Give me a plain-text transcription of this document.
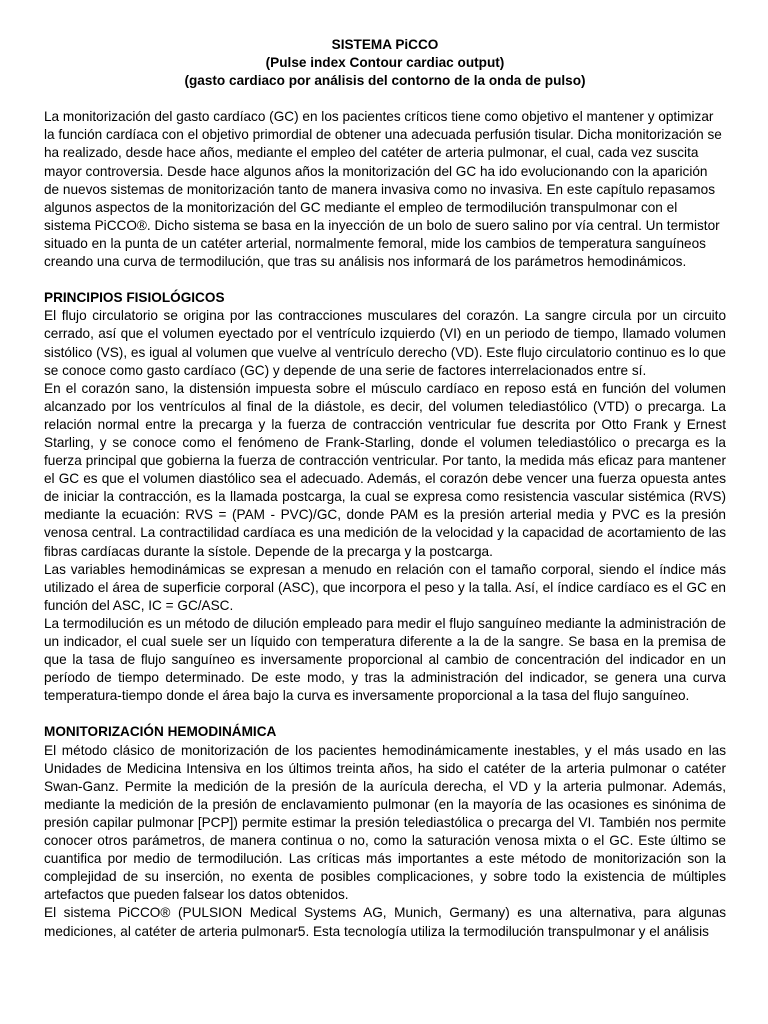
SISTEMA PiCCO
(Pulse index Contour cardiac output)
(gasto cardiaco por análisis del contorno de la onda de pulso)

La monitorización del gasto cardíaco (GC) en los pacientes críticos tiene como objetivo el mantener y optimizar la función cardíaca con el objetivo primordial de obtener una adecuada perfusión tisular. Dicha monitorización se ha realizado, desde hace años, mediante el empleo del catéter de arteria pulmonar, el cual, cada vez suscita mayor controversia. Desde hace algunos años la monitorización del GC ha ido evolucionando con la aparición de nuevos sistemas de monitorización tanto de manera invasiva como no invasiva. En este capítulo repasamos algunos aspectos de la monitorización del GC mediante el empleo de termodilución transpulmonar con el sistema PiCCO®. Dicho sistema se basa en la inyección de un bolo de suero salino por vía central. Un termistor situado en la punta de un catéter arterial, normalmente femoral, mide los cambios de temperatura sanguíneos creando una curva de termodilución, que tras su análisis nos informará de los parámetros hemodinámicos.

PRINCIPIOS FISIOLÓGICOS

El flujo circulatorio se origina por las contracciones musculares del corazón. La sangre circula por un circuito cerrado, así que el volumen eyectado por el ventrículo izquierdo (VI) en un periodo de tiempo, llamado volumen sistólico (VS), es igual al volumen que vuelve al ventrículo derecho (VD). Este flujo circulatorio continuo es lo que se conoce como gasto cardíaco (GC) y depende de una serie de factores interrelacionados entre sí.

En el corazón sano, la distensión impuesta sobre el músculo cardíaco en reposo está en función del volumen alcanzado por los ventrículos al final de la diástole, es decir, del volumen telediastólico (VTD) o precarga. La relación normal entre la precarga y la fuerza de contracción ventricular fue descrita por Otto Frank y Ernest Starling, y se conoce como el fenómeno de Frank-Starling, donde el volumen telediastólico o precarga es la fuerza principal que gobierna la fuerza de contracción ventricular. Por tanto, la medida más eficaz para mantener el GC es que el volumen diastólico sea el adecuado. Además, el corazón debe vencer una fuerza opuesta antes de iniciar la contracción, es la llamada postcarga, la cual se expresa como resistencia vascular sistémica (RVS) mediante la ecuación: RVS = (PAM - PVC)/GC, donde PAM es la presión arterial media y PVC es la presión venosa central. La contractilidad cardíaca es una medición de la velocidad y la capacidad de acortamiento de las fibras cardíacas durante la sístole. Depende de la precarga y la postcarga.

Las variables hemodinámicas se expresan a menudo en relación con el tamaño corporal, siendo el índice más utilizado el área de superficie corporal (ASC), que incorpora el peso y la talla. Así, el índice cardíaco es el GC en función del ASC, IC = GC/ASC.

La termodilución es un método de dilución empleado para medir el flujo sanguíneo mediante la administración de un indicador, el cual suele ser un líquido con temperatura diferente a la de la sangre. Se basa en la premisa de que la tasa de flujo sanguíneo es inversamente proporcional al cambio de concentración del indicador en un período de tiempo determinado. De este modo, y tras la administración del indicador, se genera una curva temperatura-tiempo donde el área bajo la curva es inversamente proporcional a la tasa del flujo sanguíneo.

MONITORIZACIÓN HEMODINÁMICA

El método clásico de monitorización de los pacientes hemodinámicamente inestables, y el más usado en las Unidades de Medicina Intensiva en los últimos treinta años, ha sido el catéter de la arteria pulmonar o catéter Swan-Ganz. Permite la medición de la presión de la aurícula derecha, el VD y la arteria pulmonar. Además, mediante la medición de la presión de enclavamiento pulmonar (en la mayoría de las ocasiones es sinónima de presión capilar pulmonar [PCP]) permite estimar la presión telediastólica o precarga del VI. También nos permite conocer otros parámetros, de manera continua o no, como la saturación venosa mixta o el GC. Este último se cuantifica por medio de termodilución. Las críticas más importantes a este método de monitorización son la complejidad de su inserción, no exenta de posibles complicaciones, y sobre todo la existencia de múltiples artefactos que pueden falsear los datos obtenidos.

El sistema PiCCO® (PULSION Medical Systems AG, Munich, Germany) es una alternativa, para algunas mediciones, al catéter de arteria pulmonar5. Esta tecnología utiliza la termodilución transpulmonar y el análisis
